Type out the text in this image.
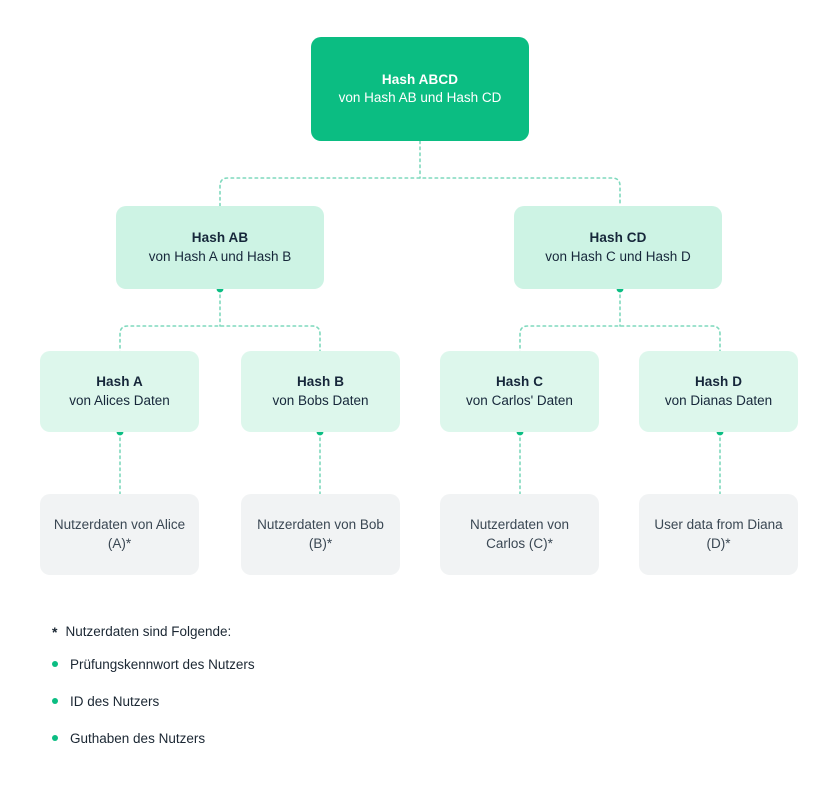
Hash ABCD
von Hash AB und Hash CD
Hash AB
von Hash A und Hash B
Hash CD
von Hash C und Hash D
Hash A
von Alices Daten
Hash B
von Bobs Daten
Hash C
von Carlos' Daten
Hash D
von Dianas Daten
Nutzerdaten von Alice (A)*
Nutzerdaten von Bob (B)*
Nutzerdaten von Carlos (C)*
User data from Diana (D)*
* Nutzerdaten sind Folgende:
Prüfungskennwort des Nutzers
ID des Nutzers
Guthaben des Nutzers
